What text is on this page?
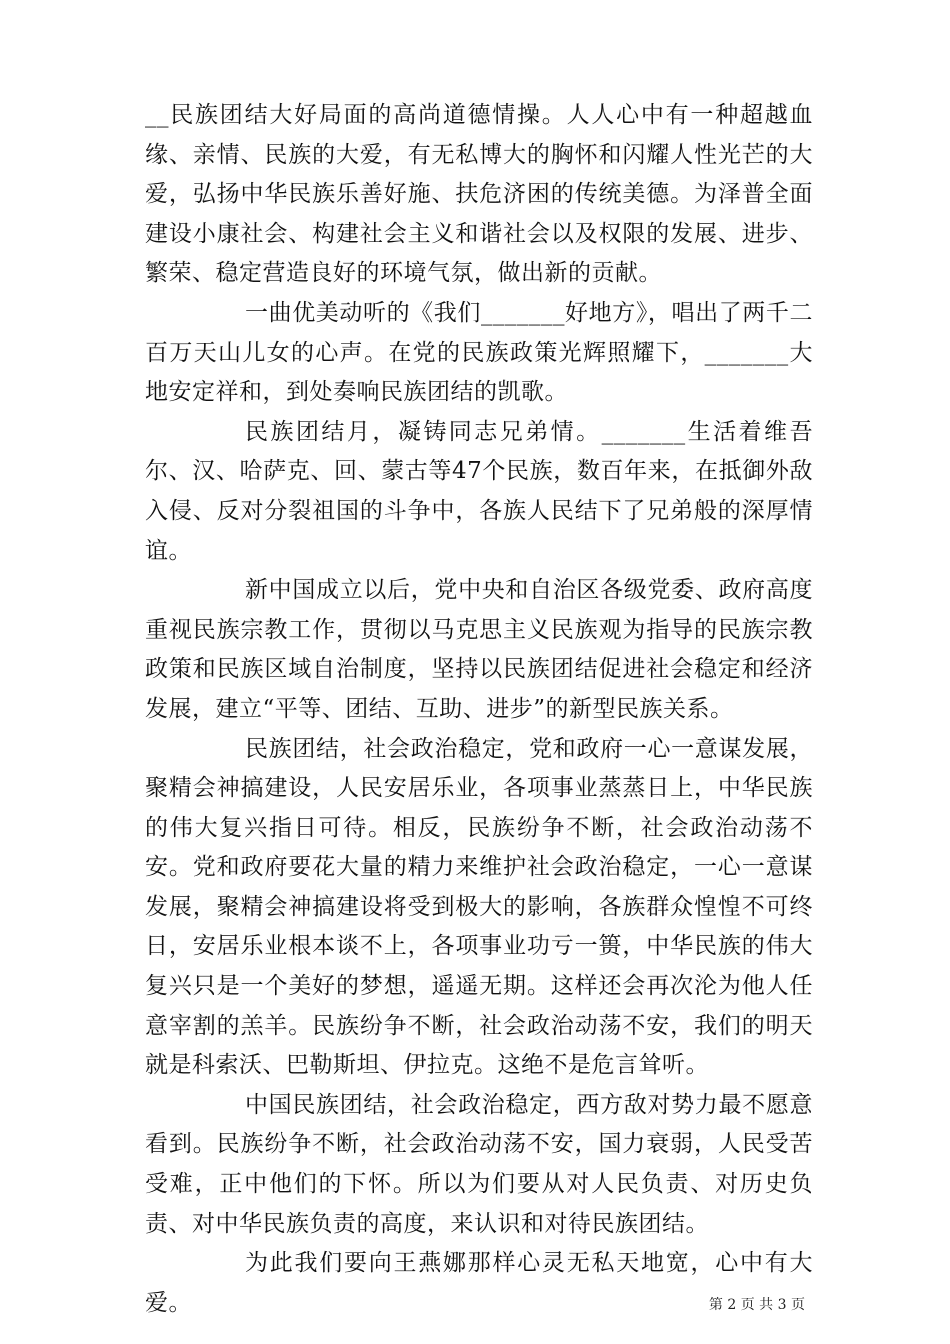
__民族团结大好局面的高尚道德情操。人人心中有一种超越血缘、亲情、民族的大爱，有无私博大的胸怀和闪耀人性光芒的大爱，弘扬中华民族乐善好施、扶危济困的传统美德。为泽普全面建设小康社会、构建社会主义和谐社会以及权限的发展、进步、繁荣、稳定营造良好的环境气氛，做出新的贡献。

一曲优美动听的《我们_______好地方》，唱出了两千二百万天山儿女的心声。在党的民族政策光辉照耀下，_______大地安定祥和，到处奏响民族团结的凯歌。

民族团结月，凝铸同志兄弟情。_______生活着维吾尔、汉、哈萨克、回、蒙古等47个民族，数百年来，在抵御外敌入侵、反对分裂祖国的斗争中，各族人民结下了兄弟般的深厚情谊。

新中国成立以后，党中央和自治区各级党委、政府高度重视民族宗教工作，贯彻以马克思主义民族观为指导的民族宗教政策和民族区域自治制度，坚持以民族团结促进社会稳定和经济发展，建立“平等、团结、互助、进步”的新型民族关系。

民族团结，社会政治稳定，党和政府一心一意谋发展，聚精会神搞建设，人民安居乐业，各项事业蒸蒸日上，中华民族的伟大复兴指日可待。相反，民族纷争不断，社会政治动荡不安。党和政府要花大量的精力来维护社会政治稳定，一心一意谋发展，聚精会神搞建设将受到极大的影响，各族群众惶惶不可终日，安居乐业根本谈不上，各项事业功亏一篑，中华民族的伟大复兴只是一个美好的梦想，遥遥无期。这样还会再次沦为他人任意宰割的羔羊。民族纷争不断，社会政治动荡不安，我们的明天就是科索沃、巴勒斯坦、伊拉克。这绝不是危言耸听。

中国民族团结，社会政治稳定，西方敌对势力最不愿意看到。民族纷争不断，社会政治动荡不安，国力衰弱，人民受苦受难，正中他们的下怀。所以为们要从对人民负责、对历史负责、对中华民族负责的高度，来认识和对待民族团结。

为此我们要向王燕娜那样心灵无私天地宽，心中有大爱。	第 2 页 共 3 页
